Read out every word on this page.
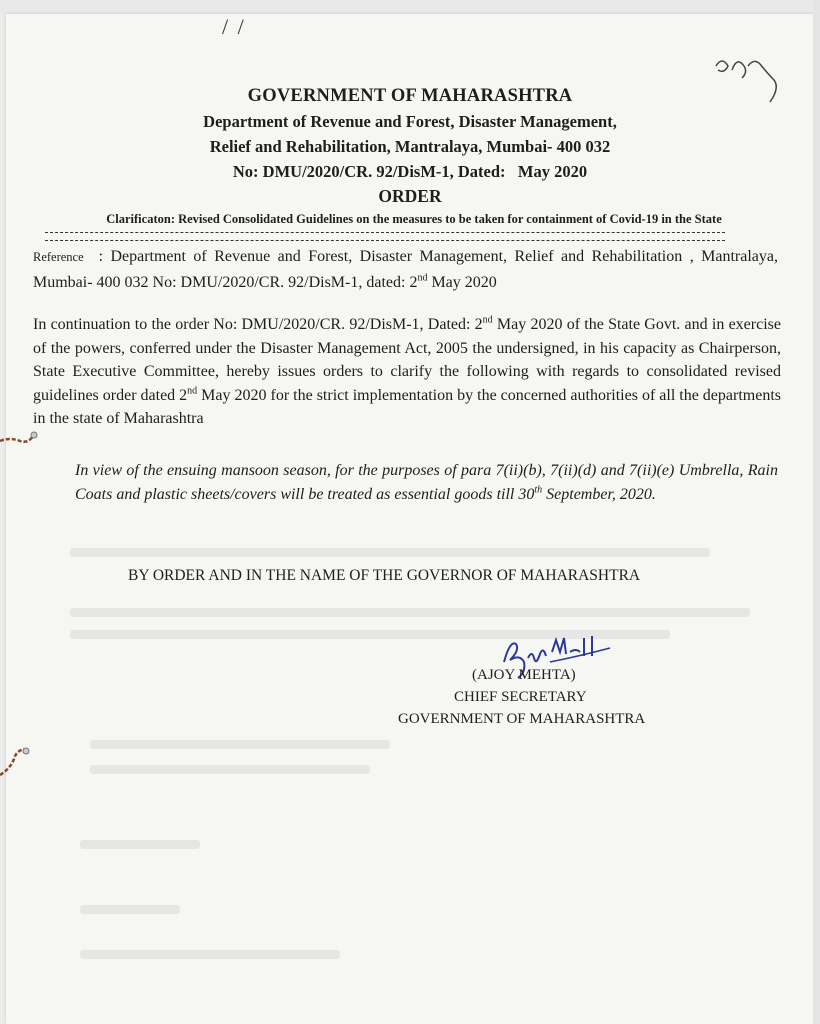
/ /
GOVERNMENT OF MAHARASHTRA
Department of Revenue and Forest, Disaster Management,
Relief and Rehabilitation, Mantralaya, Mumbai- 400 032
No: DMU/2020/CR. 92/DisM-1, Dated:   May 2020
ORDER
Clarificaton: Revised Consolidated Guidelines on the measures to be taken for containment of Covid-19 in the State
Reference : Department of Revenue and Forest, Disaster Management, Relief and Rehabilitation , Mantralaya, Mumbai- 400 032 No: DMU/2020/CR. 92/DisM-1, dated: 2nd May 2020
In continuation to the order No: DMU/2020/CR. 92/DisM-1, Dated: 2nd May 2020 of the State Govt. and in exercise of the powers, conferred under the Disaster Management Act, 2005 the undersigned, in his capacity as Chairperson, State Executive Committee, hereby issues orders to clarify the following with regards to consolidated revised guidelines order dated 2nd May 2020 for the strict implementation by the concerned authorities of all the departments in the state of Maharashtra
In view of the ensuing mansoon season, for the purposes of para 7(ii)(b), 7(ii)(d) and 7(ii)(e) Umbrella, Rain Coats and plastic sheets/covers will be treated as essential goods till 30th September, 2020.
BY ORDER AND IN THE NAME OF THE GOVERNOR OF MAHARASHTRA
(AJOY MEHTA)
CHIEF SECRETARY
GOVERNMENT OF MAHARASHTRA
